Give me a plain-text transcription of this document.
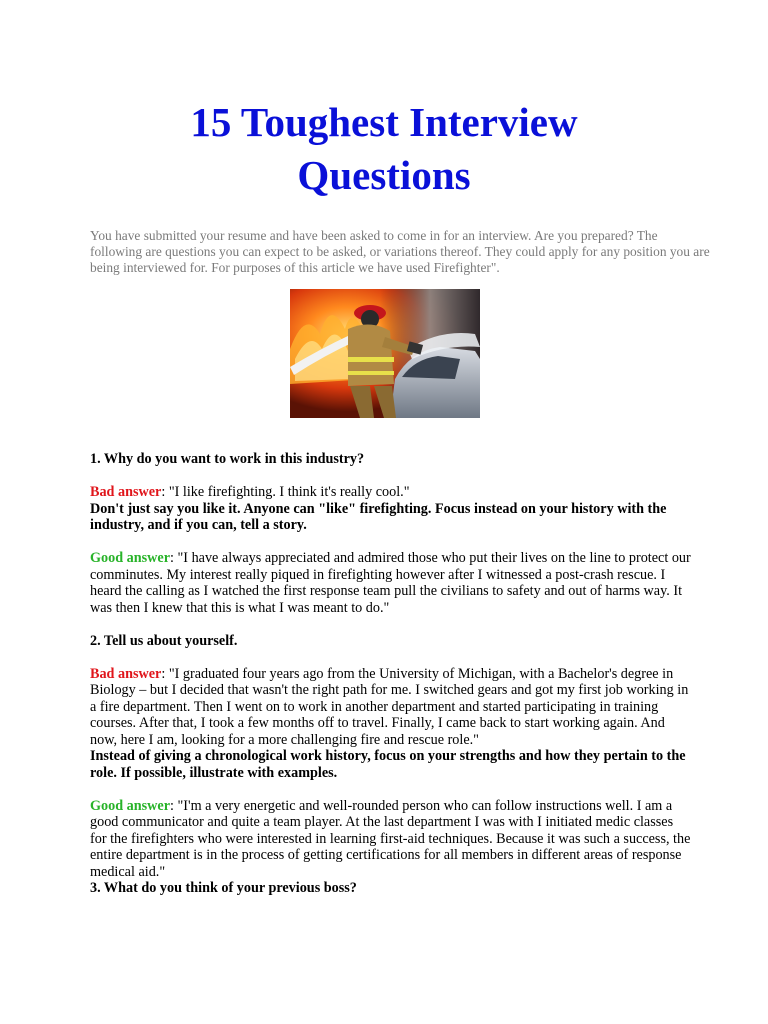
15 Toughest Interview
Questions

You have submitted your resume and have been asked to come in for an interview. Are you prepared? The
following are questions you can expect to be asked, or variations thereof. They could apply for any position you are
being interviewed for. For purposes of this article we have used Firefighter".

1. Why do you want to work in this industry?
Bad answer: "I like firefighting. I think it's really cool."
Don't just say you like it. Anyone can "like" firefighting. Focus instead on your history with the
industry, and if you can, tell a story.
Good answer: "I have always appreciated and admired those who put their lives on the line to protect our
comminutes. My interest really piqued in firefighting however after I witnessed a post-crash rescue. I
heard the calling as I watched the first response team pull the civilians to safety and out of harms way. It
was then I knew that this is what I was meant to do."
2. Tell us about yourself.
Bad answer: "I graduated four years ago from the University of Michigan, with a Bachelor's degree in
Biology – but I decided that wasn't the right path for me. I switched gears and got my first job working in
a fire department. Then I went on to work in another department and started participating in training
courses. After that, I took a few months off to travel. Finally, I came back to start working again. And
now, here I am, looking for a more challenging fire and rescue role."
Instead of giving a chronological work history, focus on your strengths and how they pertain to the
role. If possible, illustrate with examples.
Good answer: "I'm a very energetic and well-rounded person who can follow instructions well. I am a
good communicator and quite a team player. At the last department I was with I initiated medic classes
for the firefighters who were interested in learning first-aid techniques. Because it was such a success, the
entire department is in the process of getting certifications for all members in different areas of response
medical aid."
3. What do you think of your previous boss?
